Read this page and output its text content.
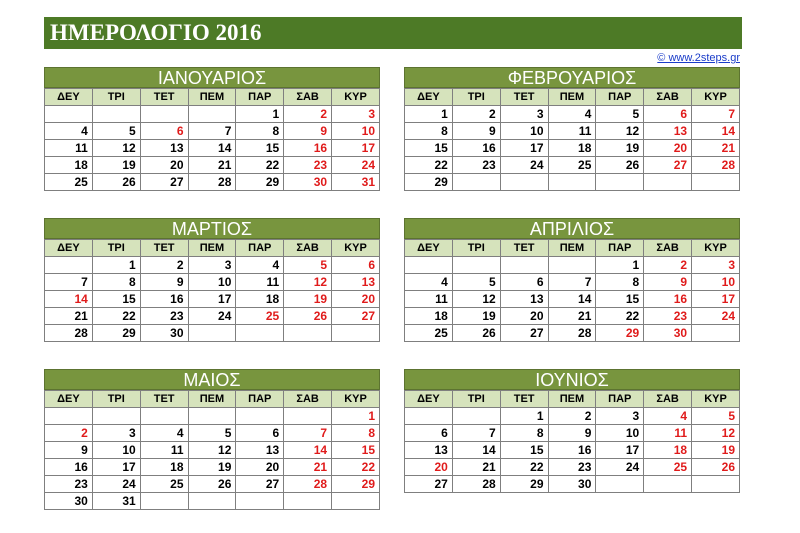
ΗΜΕΡΟΛΟΓΙΟ 2016
© www.2steps.gr
ΙΑΝΟΥΑΡΙΟΣ
ΔΕΥ	ΤΡΙ	ΤΕΤ	ΠΕΜ	ΠΑΡ	ΣΑΒ	ΚΥΡ
				1	2	3
4	5	6	7	8	9	10
11	12	13	14	15	16	17
18	19	20	21	22	23	24
25	26	27	28	29	30	31
ΦΕΒΡΟΥΑΡΙΟΣ
ΔΕΥ	ΤΡΙ	ΤΕΤ	ΠΕΜ	ΠΑΡ	ΣΑΒ	ΚΥΡ
1	2	3	4	5	6	7
8	9	10	11	12	13	14
15	16	17	18	19	20	21
22	23	24	25	26	27	28
29						
ΜΑΡΤΙΟΣ
ΔΕΥ	ΤΡΙ	ΤΕΤ	ΠΕΜ	ΠΑΡ	ΣΑΒ	ΚΥΡ
	1	2	3	4	5	6
7	8	9	10	11	12	13
14	15	16	17	18	19	20
21	22	23	24	25	26	27
28	29	30				
ΑΠΡΙΛΙΟΣ
ΔΕΥ	ΤΡΙ	ΤΕΤ	ΠΕΜ	ΠΑΡ	ΣΑΒ	ΚΥΡ
				1	2	3
4	5	6	7	8	9	10
11	12	13	14	15	16	17
18	19	20	21	22	23	24
25	26	27	28	29	30	
ΜΑΙΟΣ
ΔΕΥ	ΤΡΙ	ΤΕΤ	ΠΕΜ	ΠΑΡ	ΣΑΒ	ΚΥΡ
						1
2	3	4	5	6	7	8
9	10	11	12	13	14	15
16	17	18	19	20	21	22
23	24	25	26	27	28	29
30	31					
ΙΟΥΝΙΟΣ
ΔΕΥ	ΤΡΙ	ΤΕΤ	ΠΕΜ	ΠΑΡ	ΣΑΒ	ΚΥΡ
		1	2	3	4	5
6	7	8	9	10	11	12
13	14	15	16	17	18	19
20	21	22	23	24	25	26
27	28	29	30			
